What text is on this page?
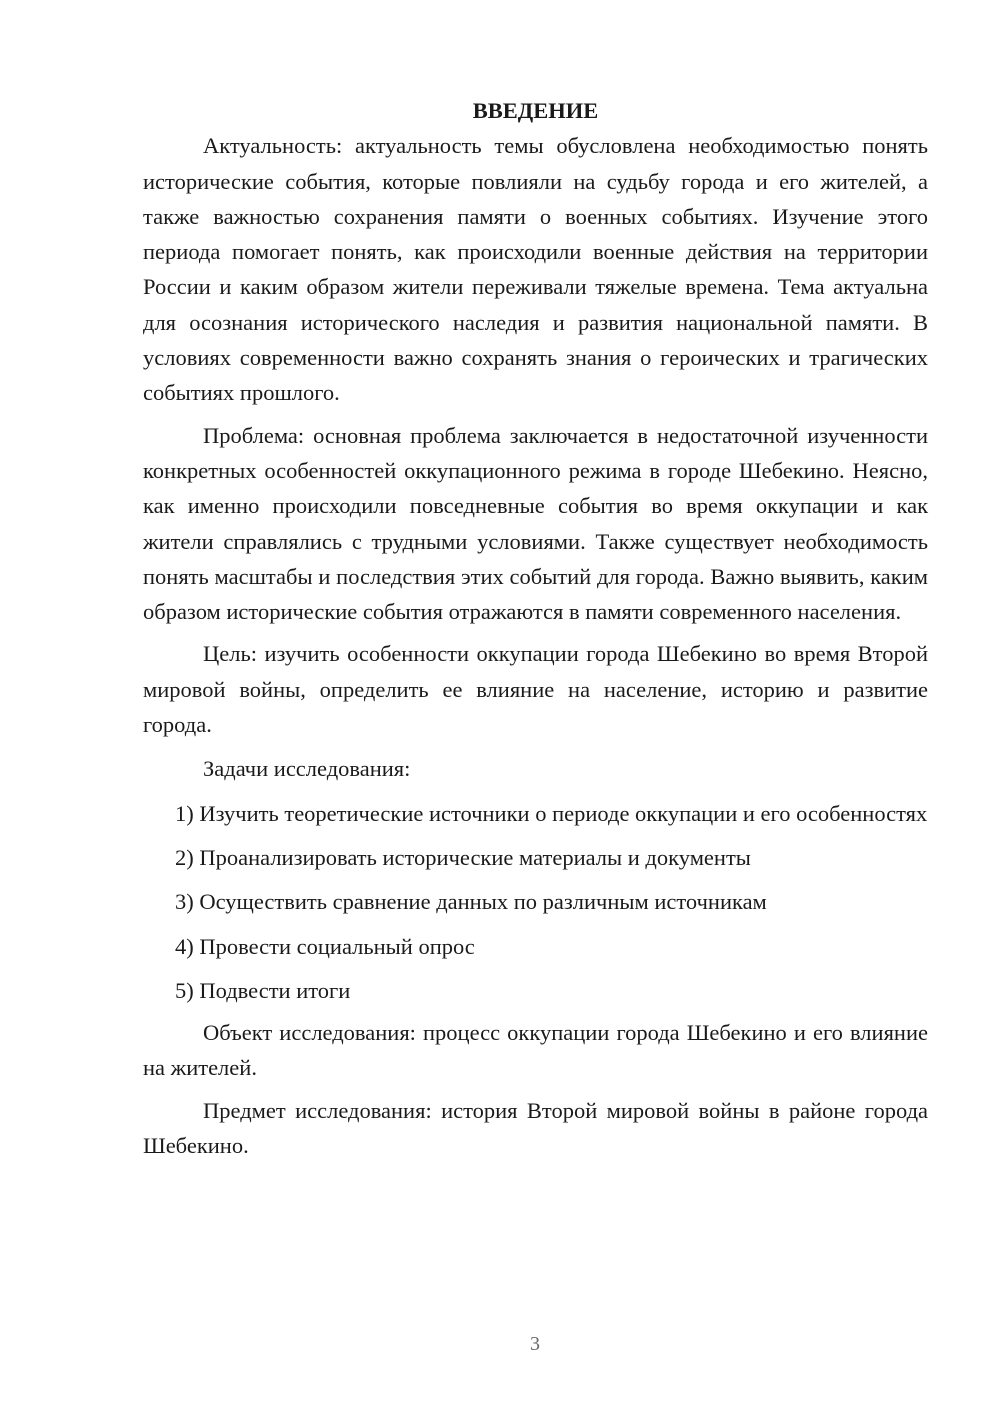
ВВЕДЕНИЕ

Актуальность: актуальность темы обусловлена необходимостью понять исторические события, которые повлияли на судьбу города и его жителей, а также важностью сохранения памяти о военных событиях. Изучение этого периода помогает понять, как происходили военные действия на территории России и каким образом жители переживали тяжелые времена. Тема актуальна для осознания исторического наследия и развития национальной памяти. В условиях современности важно сохранять знания о героических и трагических событиях прошлого.

Проблема: основная проблема заключается в недостаточной изученности конкретных особенностей оккупационного режима в городе Шебекино. Неясно, как именно происходили повседневные события во время оккупации и как жители справлялись с трудными условиями. Также существует необходимость понять масштабы и последствия этих событий для города. Важно выявить, каким образом исторические события отражаются в памяти современного населения.

Цель: изучить особенности оккупации города Шебекино во время Второй мировой войны, определить ее влияние на население, историю и развитие города.

Задачи исследования:

1) Изучить теоретические источники о периоде оккупации и его особенностях

2) Проанализировать исторические материалы и документы

3) Осуществить сравнение данных по различным источникам

4) Провести социальный опрос

5) Подвести итоги

Объект исследования: процесс оккупации города Шебекино и его влияние на жителей.

Предмет исследования: история Второй мировой войны в районе города Шебекино.

3
